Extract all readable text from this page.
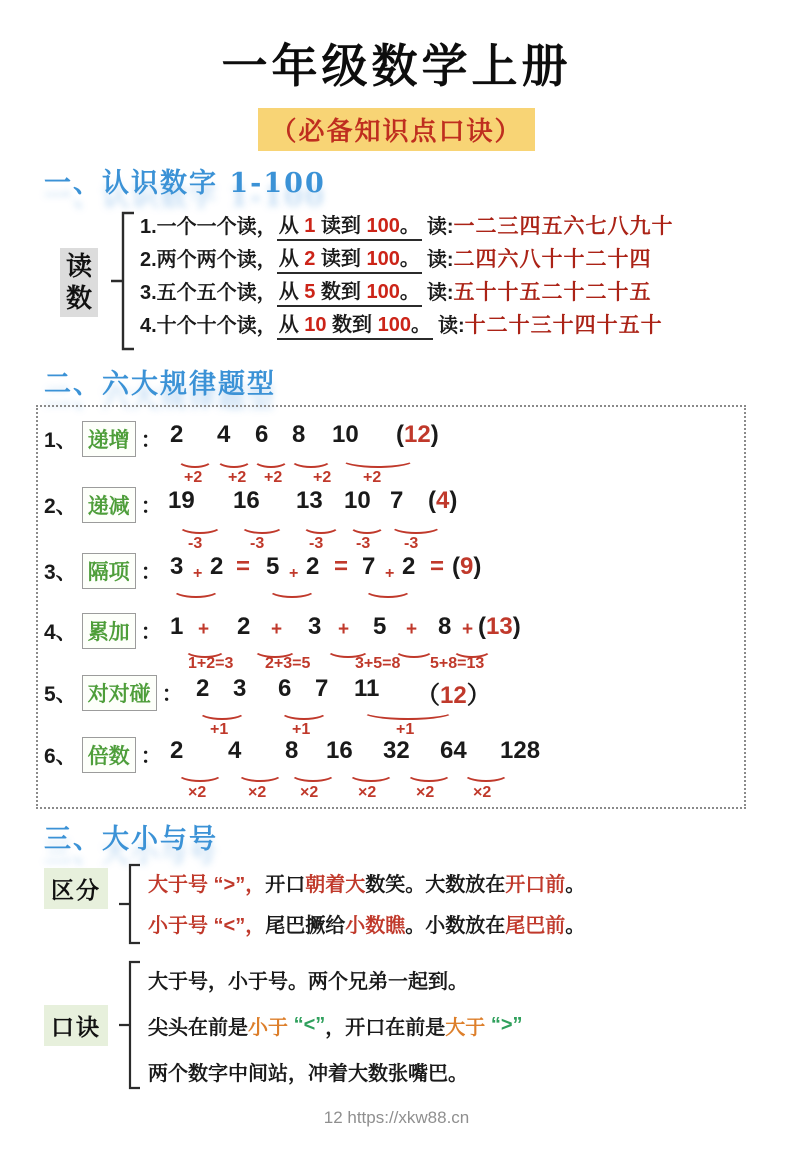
一年级数学上册
（必备知识点口诀）
一、认识数字 1-100
读数
1.一个一个读， 从 1 读到 100。 读: 一二三四五六七八九十
2.两个两个读， 从 2 读到 100。 读: 二四六八十十二十四
3.五个五个读， 从 5 数到 100。 读: 五十十五二十二十五
4.十个十个读， 从 10 数到 100。 读: 十二十三十四十五十
二、六大规律题型
1、 递增 ： 2 4 6 8 10 (12)
+2 +2 +2 +2 +2
2、 递减 ： 19 16 13 10 7 (4)
-3	-3	-3 -3 -3
3、 隔项 ： 3 + 2 = 5 + 2 = 7 + 2 = (9)
4、 累加 ： 1 + 2 + 3 + 5 + 8 + (13)
1+2=3 2+3=5	3+5=8 5+8=13
5、 对对碰 ： 2 3 6 7 11 （12）
+1	+1	+1
6、 倍数 ： 2 4 8 16 32 64 128
×2	×2 ×2 ×2 ×2 ×2
三、大小与号
区分	大于号 “>”， 开口 朝着大 数笑。大数放在 开口前 。
小于号 “<”， 尾巴撅给 小数瞧 。小数放在 尾巴前 。
口诀
大于号，小于号。两个兄弟一起到。
尖头在前是 小于
“<” ，开口在前是 大于
“>”
两个数字中间站，冲着大数张嘴巴。
12 https://xkw88.cn
